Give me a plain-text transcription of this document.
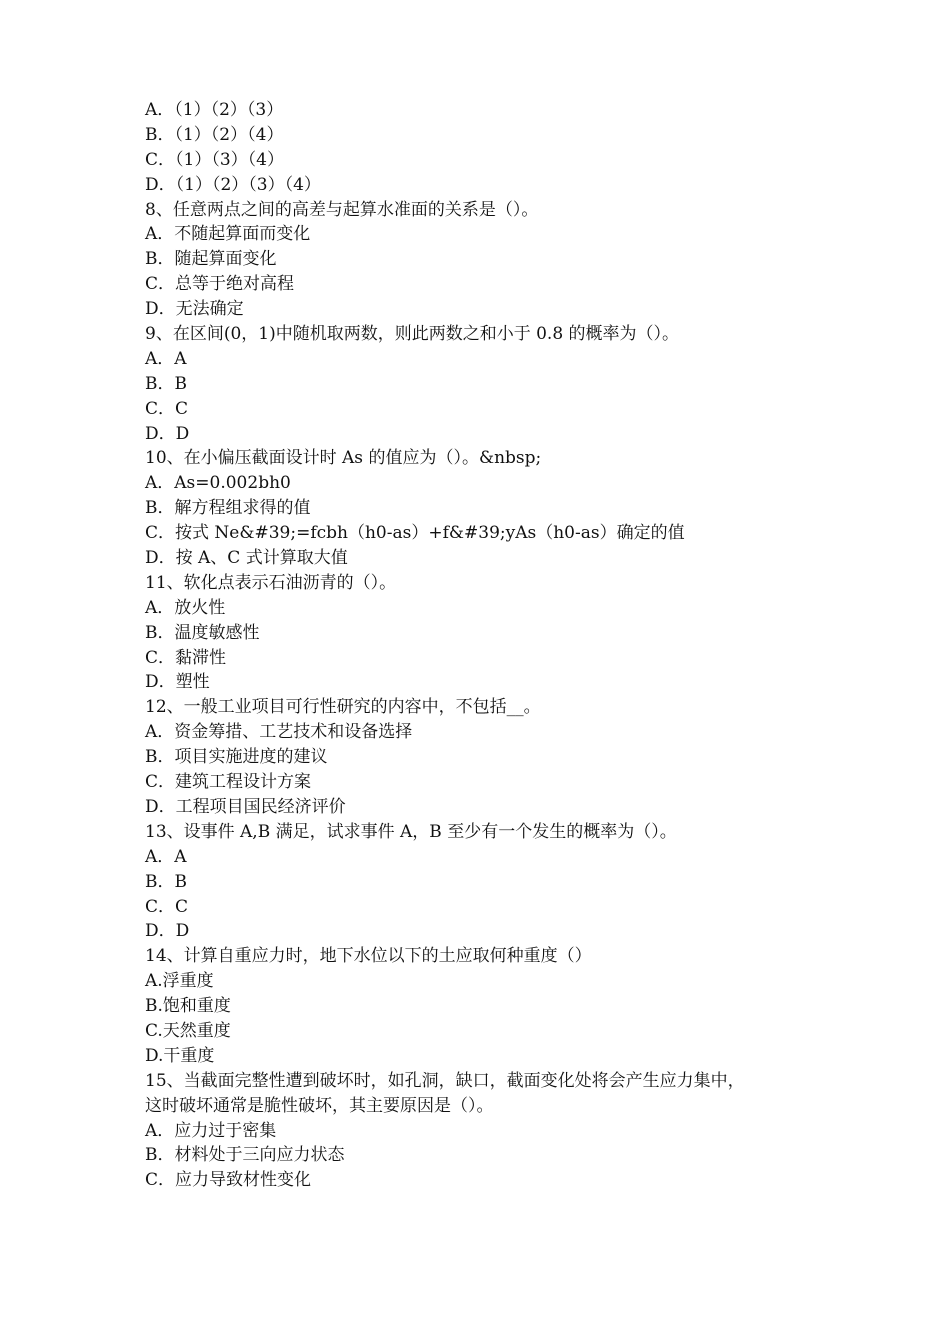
A．（1）（2）（3）
B．（1）（2）（4）
C．（1）（3）（4）
D．（1）（2）（3）（4）
8、任意两点之间的高差与起算水准面的关系是（）。
A．不随起算面而变化
B．随起算面变化
C．总等于绝对高程
D．无法确定
9、在区间(0，1)中随机取两数，则此两数之和小于 0.8 的概率为（）。
A．A
B．B
C．C
D．D
10、在小偏压截面设计时 As 的值应为（）。&nbsp;
A．As=0.002bh0
B．解方程组求得的值
C．按式 Ne&#39;=fcbh（h0-as）+f&#39;yAs（h0-as）确定的值
D．按 A、C 式计算取大值
11、软化点表示石油沥青的（）。
A．放火性
B．温度敏感性
C．黏滞性
D．塑性
12、一般工业项目可行性研究的内容中，不包括__。
A．资金筹措、工艺技术和设备选择
B．项目实施进度的建议
C．建筑工程设计方案
D．工程项目国民经济评价
13、设事件 A,B 满足，试求事件 A，B 至少有一个发生的概率为（）。
A．A
B．B
C．C
D．D
14、计算自重应力时，地下水位以下的土应取何种重度（）
A.浮重度
B.饱和重度
C.天然重度
D.干重度
15、当截面完整性遭到破坏时，如孔洞，缺口，截面变化处将会产生应力集中，
这时破坏通常是脆性破坏，其主要原因是（）。
A．应力过于密集
B．材料处于三向应力状态
C．应力导致材性变化
